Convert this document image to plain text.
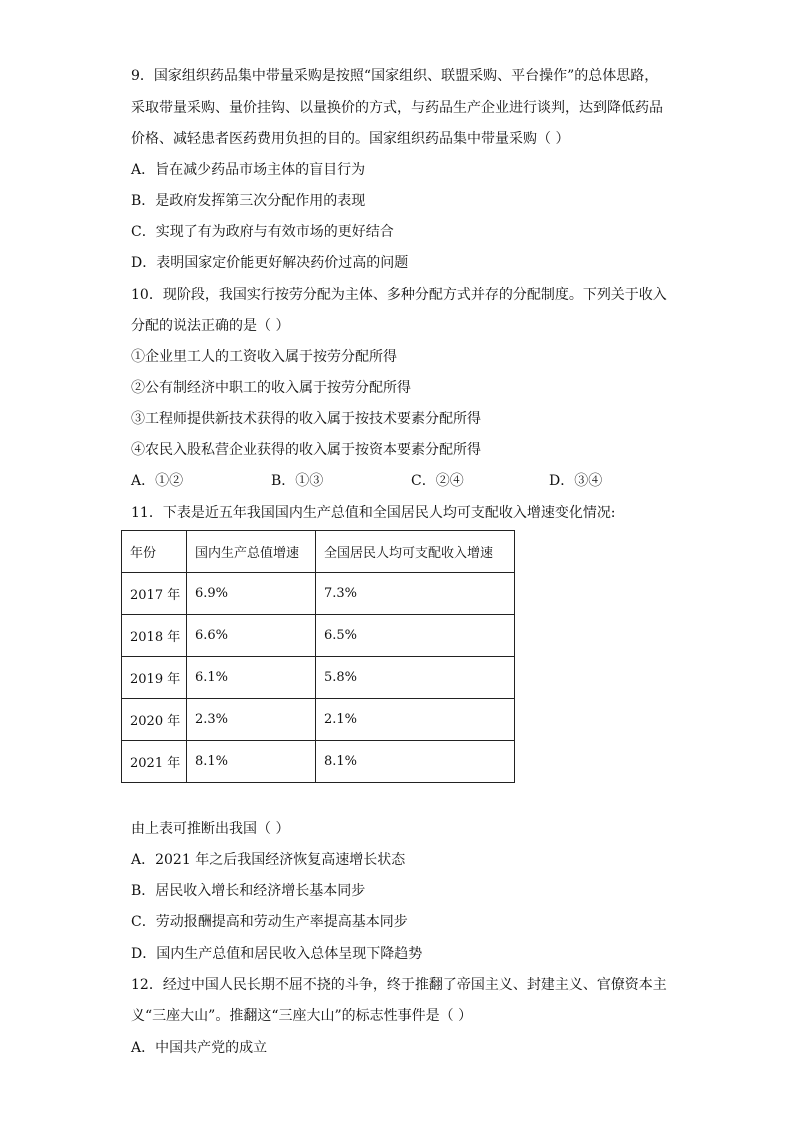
9．国家组织药品集中带量采购是按照“国家组织、联盟采购、平台操作”的总体思路，
采取带量采购、量价挂钩、以量换价的方式，与药品生产企业进行谈判，达到降低药品
价格、减轻患者医药费用负担的目的。国家组织药品集中带量采购（ ）
A．旨在减少药品市场主体的盲目行为
B．是政府发挥第三次分配作用的表现
C．实现了有为政府与有效市场的更好结合
D．表明国家定价能更好解决药价过高的问题
10．现阶段，我国实行按劳分配为主体、多种分配方式并存的分配制度。下列关于收入
分配的说法正确的是（ ）
①企业里工人的工资收入属于按劳分配所得
②公有制经济中职工的收入属于按劳分配所得
③工程师提供新技术获得的收入属于按技术要素分配所得
④农民入股私营企业获得的收入属于按资本要素分配所得
A．①②	B．①③	C．②④	D．③④
11．下表是近五年我国国内生产总值和全国居民人均可支配收入增速变化情况:
年份	国内生产总值增速	全国居民人均可支配收入增速
2017 年	6.9%	7.3%
2018 年	6.6%	6.5%
2019 年	6.1%	5.8%
2020 年	2.3%	2.1%
2021 年	8.1%	8.1%
由上表可推断出我国（ ）
A．2021 年之后我国经济恢复高速增长状态
B．居民收入增长和经济增长基本同步
C．劳动报酬提高和劳动生产率提高基本同步
D．国内生产总值和居民收入总体呈现下降趋势
12．经过中国人民长期不屈不挠的斗争，终于推翻了帝国主义、封建主义、官僚资本主
义“三座大山”。推翻这“三座大山”的标志性事件是（ ）
A．中国共产党的成立
